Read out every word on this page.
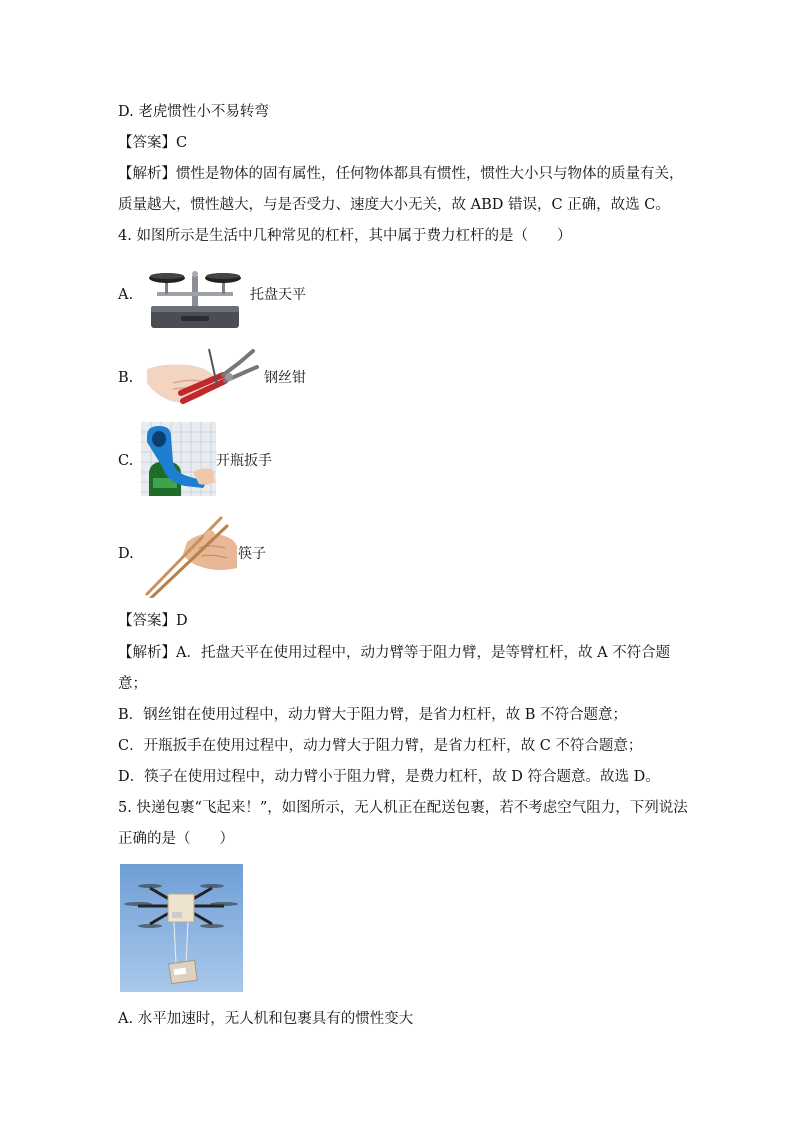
D. 老虎惯性小不易转弯
【答案】C
【解析】惯性是物体的固有属性，任何物体都具有惯性，惯性大小只与物体的质量有关，
质量越大，惯性越大，与是否受力、速度大小无关，故 ABD 错误，C 正确，故选 C。
4. 如图所示是生活中几种常见的杠杆，其中属于费力杠杆的是（　　）
A.	托盘天平
B.	钢丝钳
C.	开瓶扳手
D.	筷子
【答案】D
【解析】A．托盘天平在使用过程中，动力臂等于阻力臂，是等臂杠杆，故 A 不符合题
意；
B．钢丝钳在使用过程中，动力臂大于阻力臂，是省力杠杆，故 B 不符合题意；
C．开瓶扳手在使用过程中，动力臂大于阻力臂，是省力杠杆，故 C 不符合题意；
D．筷子在使用过程中，动力臂小于阻力臂，是费力杠杆，故 D 符合题意。故选 D。
5. 快递包裹“飞起来！”，如图所示，无人机正在配送包裹，若不考虑空气阻力，下列说法
正确的是（　　）
A. 水平加速时，无人机和包裹具有的惯性变大
